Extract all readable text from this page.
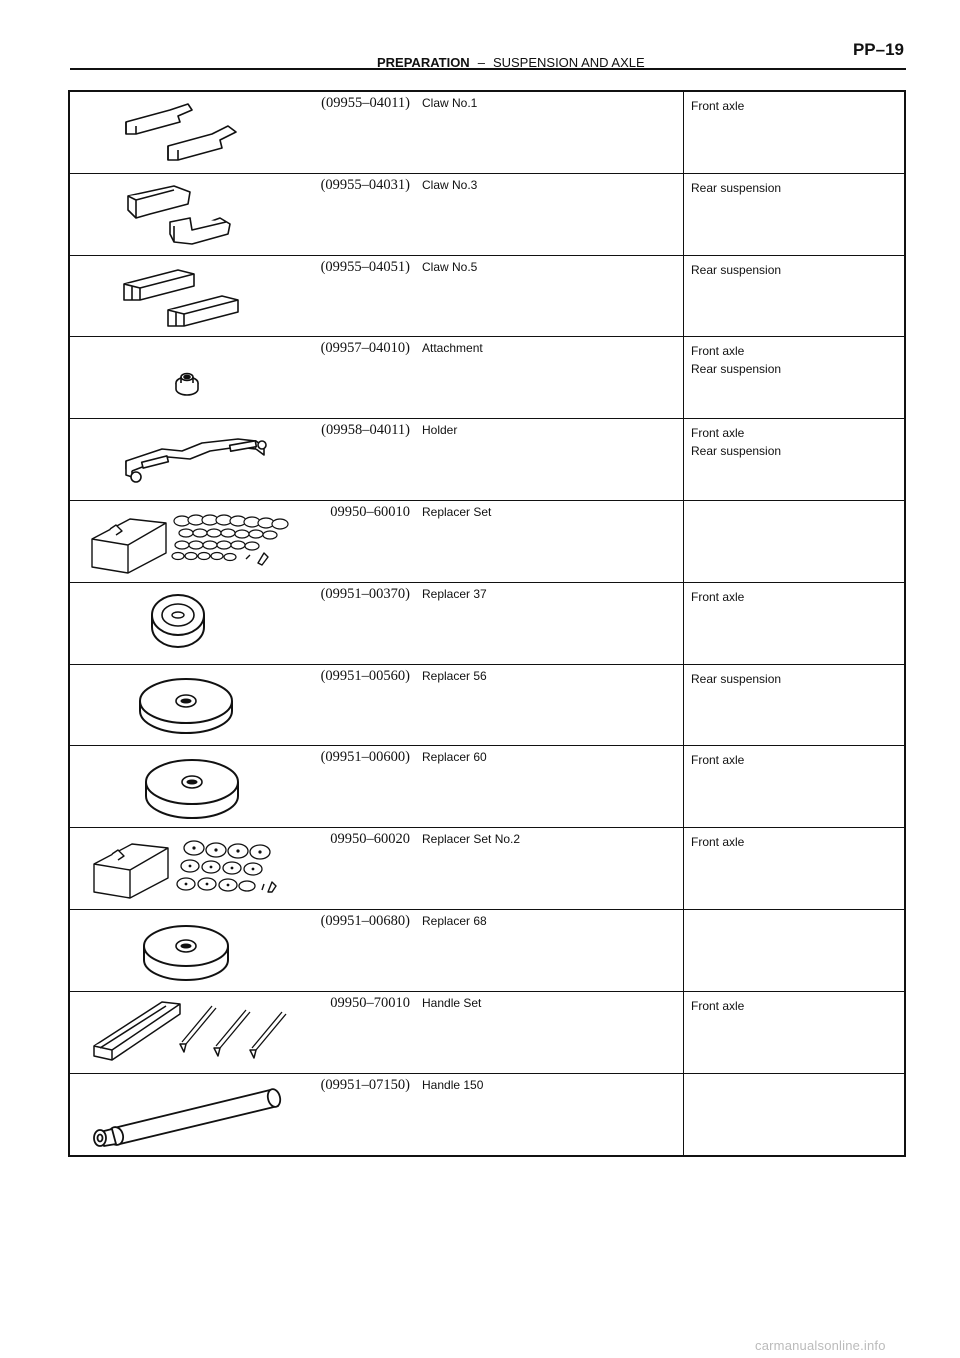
PP–19
PREPARATION – SUSPENSION AND AXLE
(09955–04011) Claw No.1	Front axle
(09955–04031) Claw No.3	Rear suspension
(09955–04051) Claw No.5	Rear suspension
(09957–04010) Attachment	Front axle
Rear suspension
(09958–04011) Holder	Front axle
Rear suspension
09950–60010 Replacer Set
(09951–00370) Replacer 37	Front axle
(09951–00560) Replacer 56	Rear suspension
(09951–00600) Replacer 60	Front axle
09950–60020 Replacer Set No.2	Front axle
(09951–00680) Replacer 68
09950–70010 Handle Set	Front axle
(09951–07150) Handle 150
carmanualsonline.info
